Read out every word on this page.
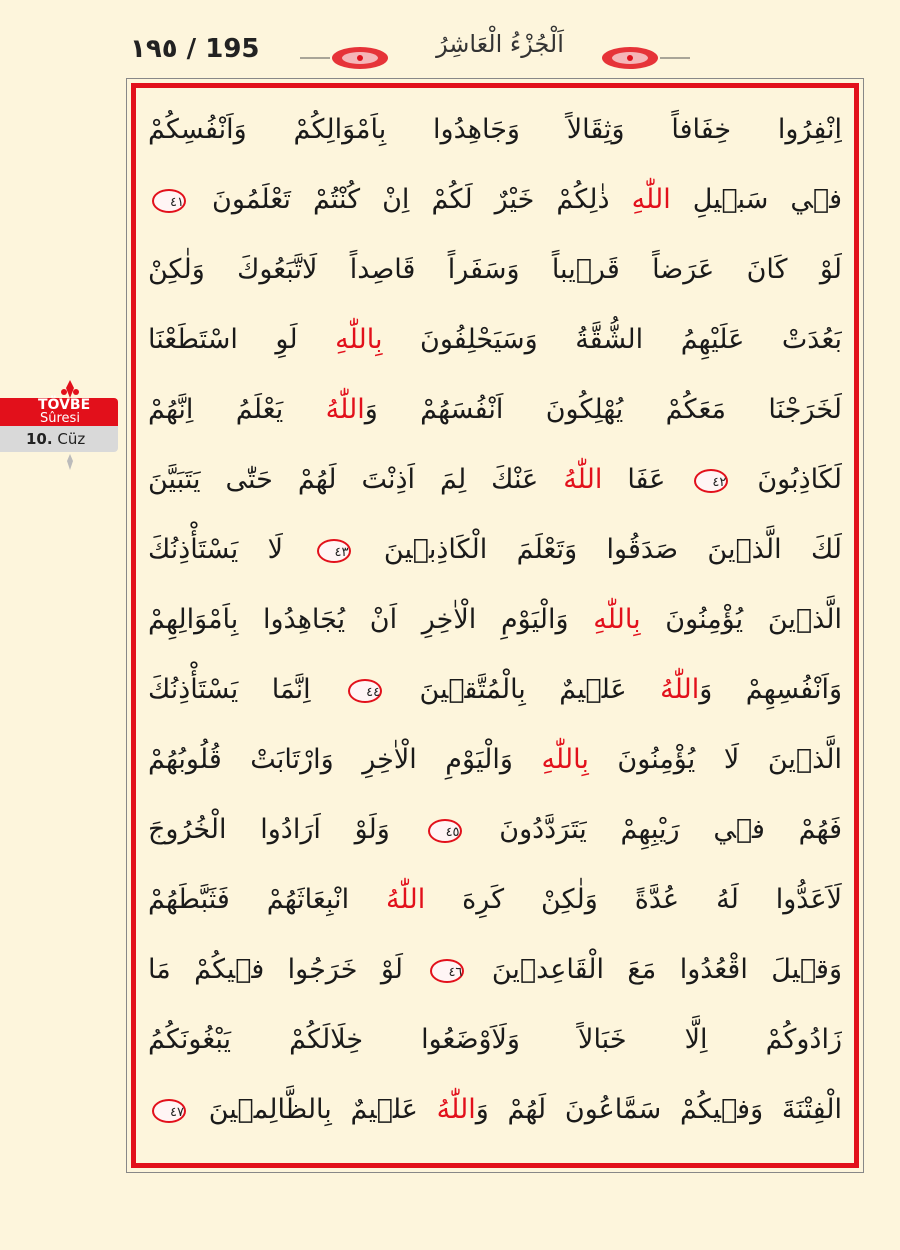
١٩٥ / 195	اَلْجُزْءُ الْعَاشِرُ
TÖVBE
Sûresi
10. Cüz
اِنْفِرُوا خِفَافاً وَثِقَالاً وَجَاهِدُوا بِاَمْوَالِكُمْ وَاَنْفُسِكُمْ
ف۪ي سَب۪يلِ اللّٰهِ ذٰلِكُمْ خَيْرٌ لَكُمْ اِنْ كُنْتُمْ تَعْلَمُونَ ٤١
لَوْ كَانَ عَرَضاً قَر۪يباً وَسَفَراً قَاصِداً لَاتَّبَعُوكَ وَلٰكِنْ
بَعُدَتْ عَلَيْهِمُ الشُّقَّةُ وَسَيَحْلِفُونَ بِاللّٰهِ لَوِ اسْتَطَعْنَا
لَخَرَجْنَا مَعَكُمْ يُهْلِكُونَ اَنْفُسَهُمْ وَاللّٰهُ يَعْلَمُ اِنَّهُمْ
لَكَاذِبُونَ ٤٢ عَفَا اللّٰهُ عَنْكَ لِمَ اَذِنْتَ لَهُمْ حَتّٰى يَتَبَيَّنَ
لَكَ الَّذ۪ينَ صَدَقُوا وَتَعْلَمَ الْكَاذِب۪ينَ ٤٣ لَا يَسْتَأْذِنُكَ
الَّذ۪ينَ يُؤْمِنُونَ بِاللّٰهِ وَالْيَوْمِ الْاٰخِرِ اَنْ يُجَاهِدُوا بِاَمْوَالِهِمْ
وَاَنْفُسِهِمْ وَاللّٰهُ عَل۪يمٌ بِالْمُتَّق۪ينَ ٤٤ اِنَّمَا يَسْتَأْذِنُكَ
الَّذ۪ينَ لَا يُؤْمِنُونَ بِاللّٰهِ وَالْيَوْمِ الْاٰخِرِ وَارْتَابَتْ قُلُوبُهُمْ
فَهُمْ ف۪ي رَيْبِهِمْ يَتَرَدَّدُونَ ٤٥ وَلَوْ اَرَادُوا الْخُرُوجَ
لَاَعَدُّوا لَهُ عُدَّةً وَلٰكِنْ كَرِهَ اللّٰهُ انْبِعَاثَهُمْ فَثَبَّطَهُمْ
وَق۪يلَ اقْعُدُوا مَعَ الْقَاعِد۪ينَ ٤٦ لَوْ خَرَجُوا ف۪يكُمْ مَا
زَادُوكُمْ اِلَّا خَبَالاً وَلَاَوْضَعُوا خِلَالَكُمْ يَبْغُونَكُمُ
الْفِتْنَةَ وَف۪يكُمْ سَمَّاعُونَ لَهُمْ وَاللّٰهُ عَل۪يمٌ بِالظَّالِم۪ينَ ٤٧
